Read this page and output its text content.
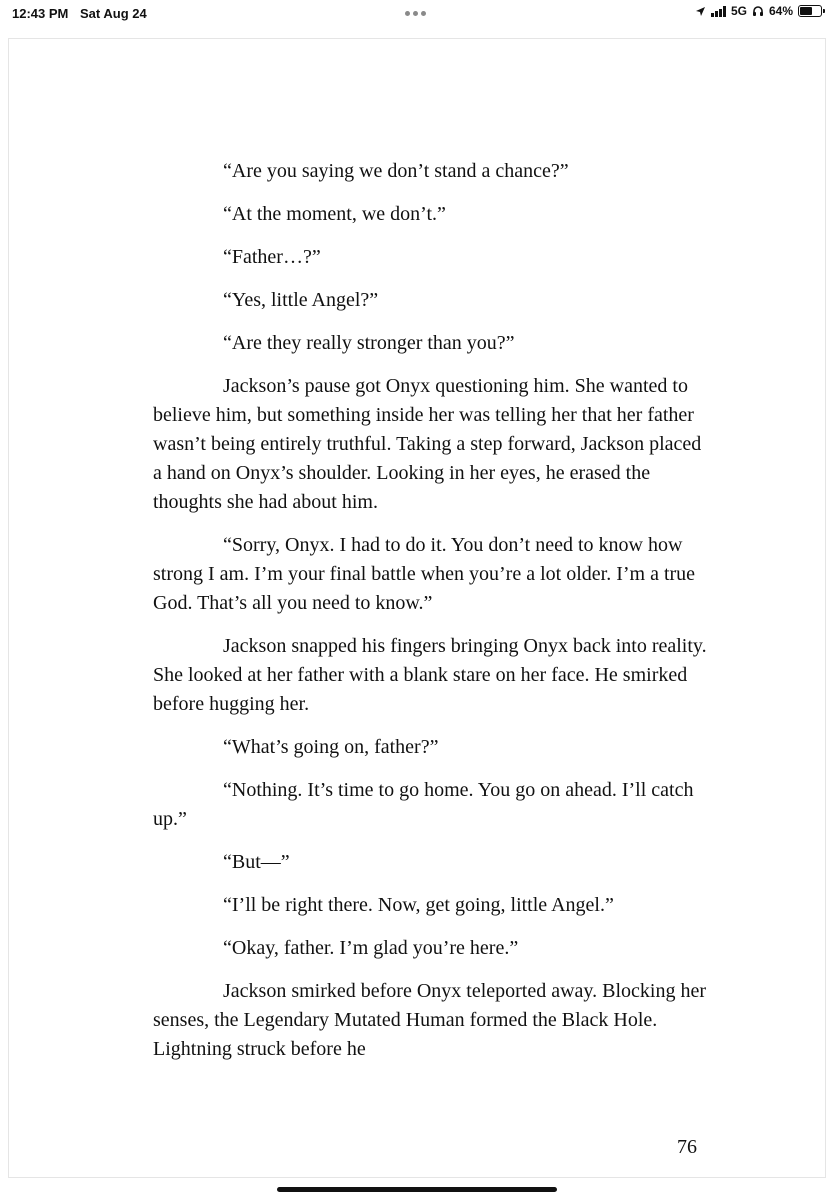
12:43 PM Sat Aug 24	5G 64%

“Are you saying we don’t stand a chance?”

“At the moment, we don’t.”

“Father…?”

“Yes, little Angel?”

“Are they really stronger than you?”

Jackson’s pause got Onyx questioning him. She wanted to believe him, but something inside her was telling her that her father wasn’t being entirely truthful. Taking a step forward, Jackson placed a hand on Onyx’s shoulder. Looking in her eyes, he erased the thoughts she had about him.

“Sorry, Onyx. I had to do it. You don’t need to know how strong I am. I’m your final battle when you’re a lot older. I’m a true God. That’s all you need to know.”

Jackson snapped his fingers bringing Onyx back into reality. She looked at her father with a blank stare on her face. He smirked before hugging her.

“What’s going on, father?”

“Nothing. It’s time to go home. You go on ahead. I’ll catch up.”

“But—”

“I’ll be right there. Now, get going, little Angel.”

“Okay, father. I’m glad you’re here.”

Jackson smirked before Onyx teleported away. Blocking her senses, the Legendary Mutated Human formed the Black Hole. Lightning struck before he

76
